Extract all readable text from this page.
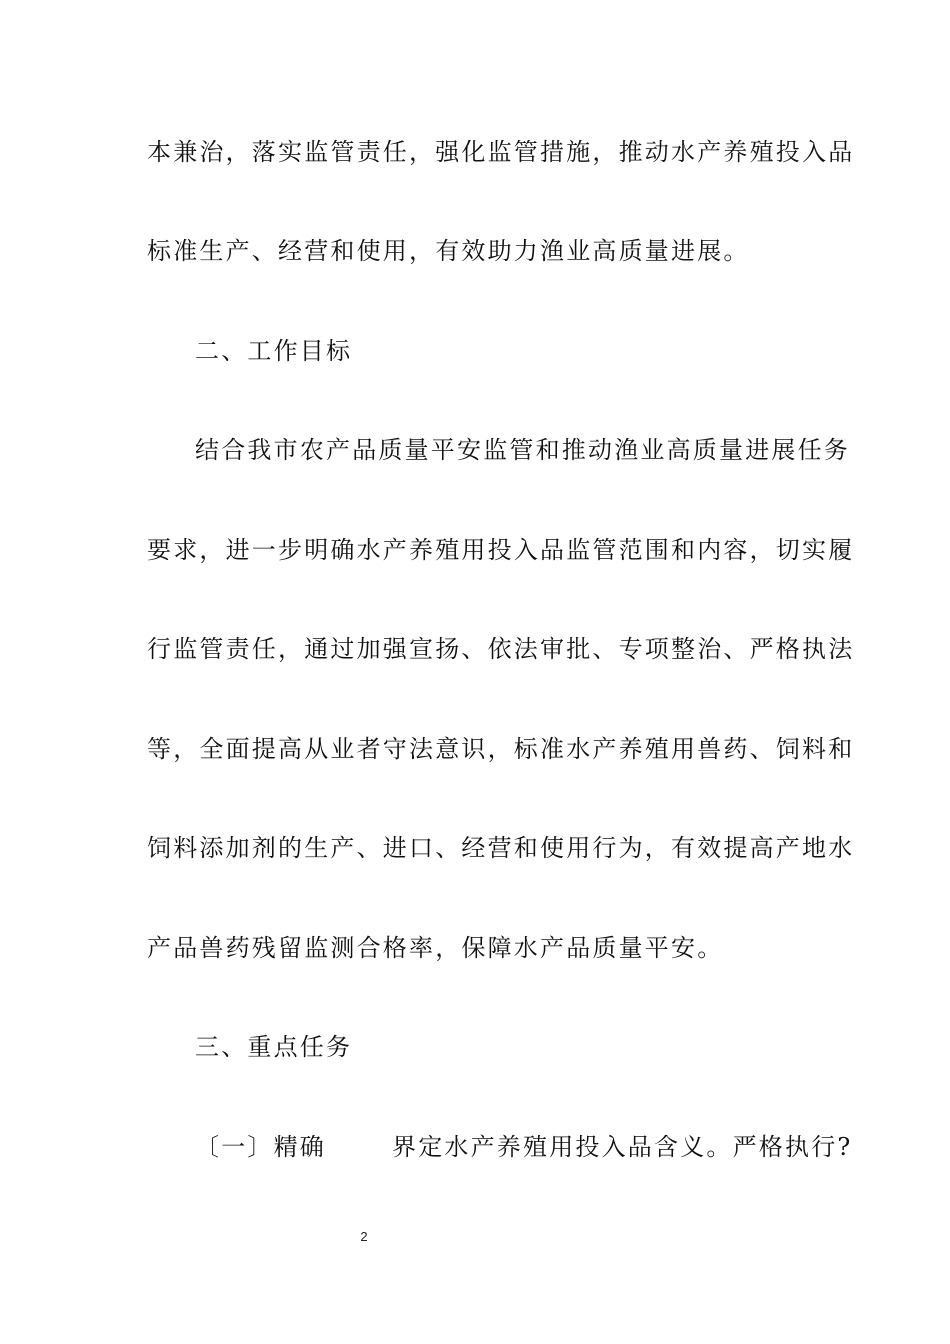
本兼治，落实监管责任，强化监管措施，推动水产养殖投入品
标准生产、经营和使用，有效助力渔业高质量进展。
二、工作目标
结合我市农产品质量平安监管和推动渔业高质量进展任务
要求，进一步明确水产养殖用投入品监管范围和内容，切实履
行监管责任，通过加强宣扬、依法审批、专项整治、严格执法
等，全面提高从业者守法意识，标准水产养殖用兽药、饲料和
饲料添加剂的生产、进口、经营和使用行为，有效提高产地水
产品兽药残留监测合格率，保障水产品质量平安。
三、重点任务
〔一〕精确	界定水产养殖用投入品含义。严格执行?
2
